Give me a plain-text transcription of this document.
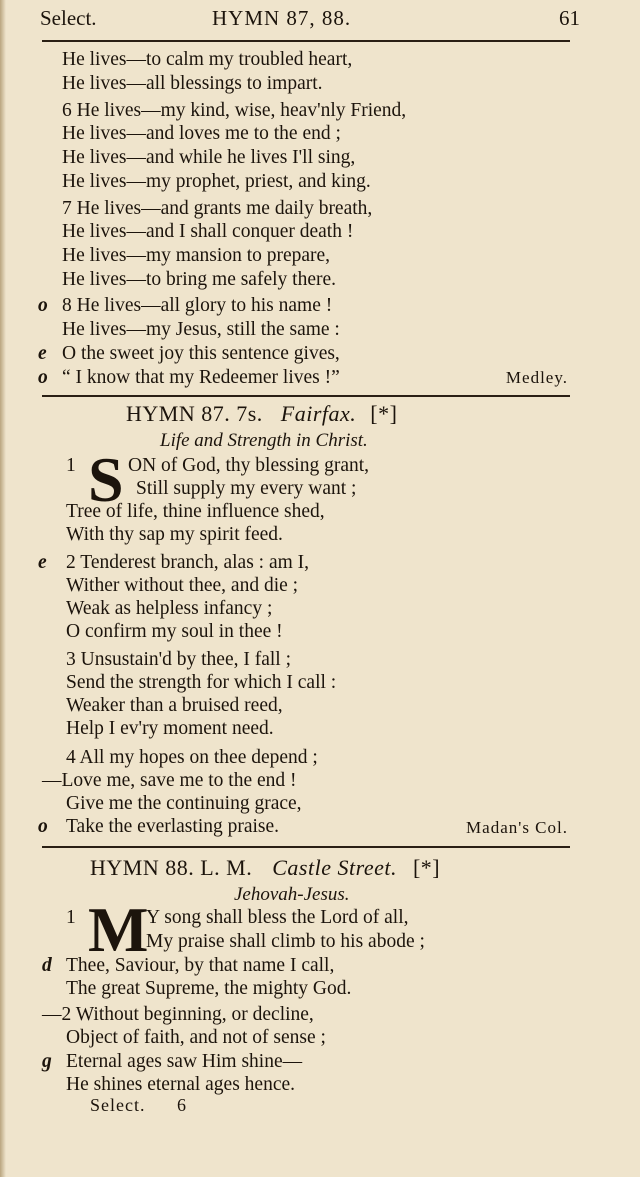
Select.	HYMN 87, 88.	61
He lives—to calm my troubled heart,
He lives—all blessings to impart.
6 He lives—my kind, wise, heav'nly Friend,
He lives—and loves me to the end ;
He lives—and while he lives I'll sing,
He lives—my prophet, priest, and king.
7 He lives—and grants me daily breath,
He lives—and I shall conquer death !
He lives—my mansion to prepare,
He lives—to bring me safely there.
o 8 He lives—all glory to his name !
He lives—my Jesus, still the same :
e O the sweet joy this sentence gives,
o “ I know that my Redeemer lives !”	Medley.
HYMN 87. 7s. Fairfax. [*]
Life and Strength in Christ.
1 S ON of God, thy blessing grant,
Still supply my every want ;
Tree of life, thine influence shed,
With thy sap my spirit feed.
e 2 Tenderest branch, alas : am I,
Wither without thee, and die ;
Weak as helpless infancy ;
O confirm my soul in thee !
3 Unsustain'd by thee, I fall ;
Send the strength for which I call :
Weaker than a bruised reed,
Help I ev'ry moment need.
4 All my hopes on thee depend ;
—Love me, save me to the end !
Give me the continuing grace,
o Take the everlasting praise.	Madan's Col.
HYMN 88. L. M. Castle Street. [*]
Jehovah-Jesus.
1 M
Y song shall bless the Lord of all,
My praise shall climb to his abode ;
d Thee, Saviour, by that name I call,
The great Supreme, the mighty God.
—2 Without beginning, or decline,
Object of faith, and not of sense ;
g Eternal ages saw Him shine—
He shines eternal ages hence.
Select. 6
